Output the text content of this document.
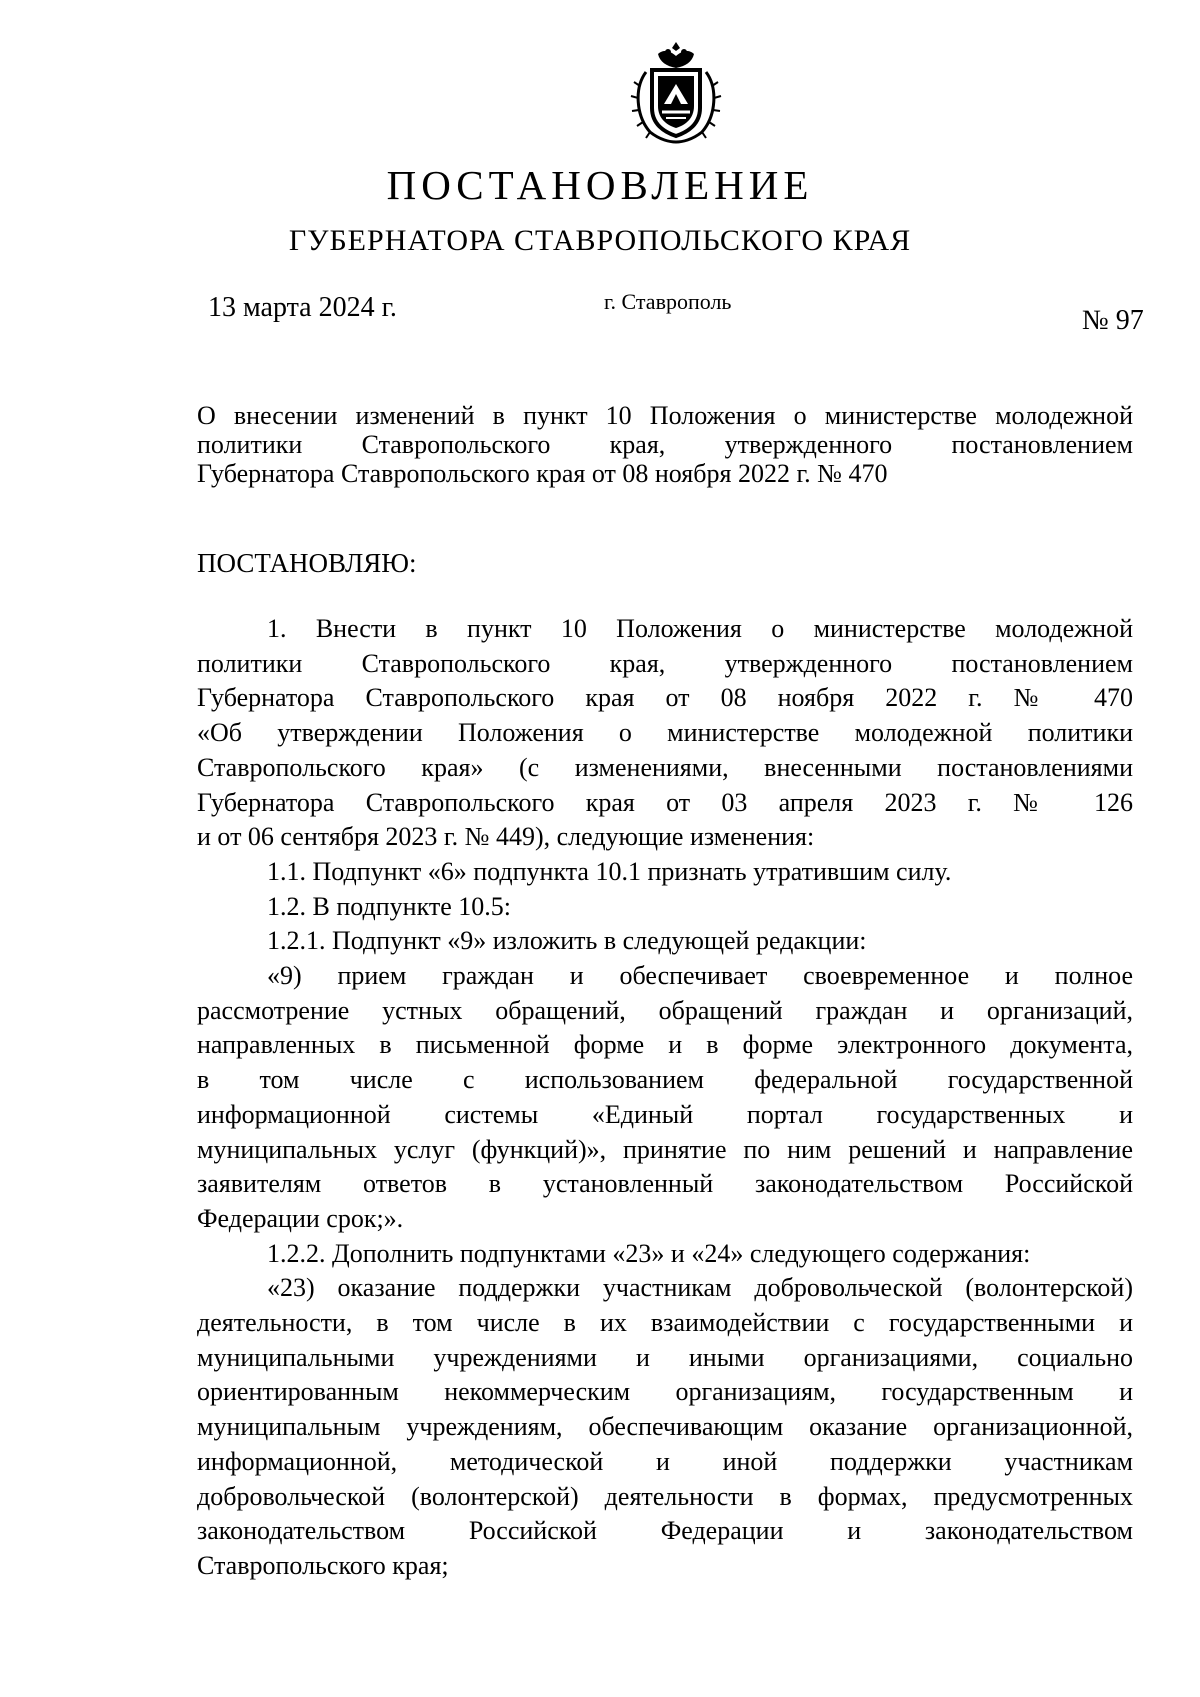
ПОСТАНОВЛЕНИЕ
ГУБЕРНАТОРА СТАВРОПОЛЬСКОГО КРАЯ
13 марта 2024 г.	г. Ставрополь
№ 97

О внесении изменений в пункт 10 Положения о министерстве молодежной

политики Ставропольского края, утвержденного постановлением

Губернатора Ставропольского края от 08 ноября 2022 г. № 470

ПОСТАНОВЛЯЮ:

1. Внести в пункт 10 Положения о министерстве молодежной

политики Ставропольского края, утвержденного постановлением

Губернатора Ставропольского края от 08 ноября 2022 г. № 470

«Об утверждении Положения о министерстве молодежной политики

Ставропольского края» (с изменениями, внесенными постановлениями

Губернатора Ставропольского края от 03 апреля 2023 г. № 126

и от 06 сентября 2023 г. № 449), следующие изменения:

1.1. Подпункт «6» подпункта 10.1 признать утратившим силу.

1.2. В подпункте 10.5:

1.2.1. Подпункт «9» изложить в следующей редакции:

«9) прием граждан и обеспечивает своевременное и полное

рассмотрение устных обращений, обращений граждан и организаций,

направленных в письменной форме и в форме электронного документа,

в том числе с использованием федеральной государственной

информационной системы «Единый портал государственных и

муниципальных услуг (функций)», принятие по ним решений и направление

заявителям ответов в установленный законодательством Российской

Федерации срок;».

1.2.2. Дополнить подпунктами «23» и «24» следующего содержания:

«23) оказание поддержки участникам добровольческой (волонтерской)

деятельности, в том числе в их взаимодействии с государственными и

муниципальными учреждениями и иными организациями, социально

ориентированным некоммерческим организациям, государственным и

муниципальным учреждениям, обеспечивающим оказание организационной,

информационной, методической и иной поддержки участникам

добровольческой (волонтерской) деятельности в формах, предусмотренных

законодательством Российской Федерации и законодательством

Ставропольского края;
